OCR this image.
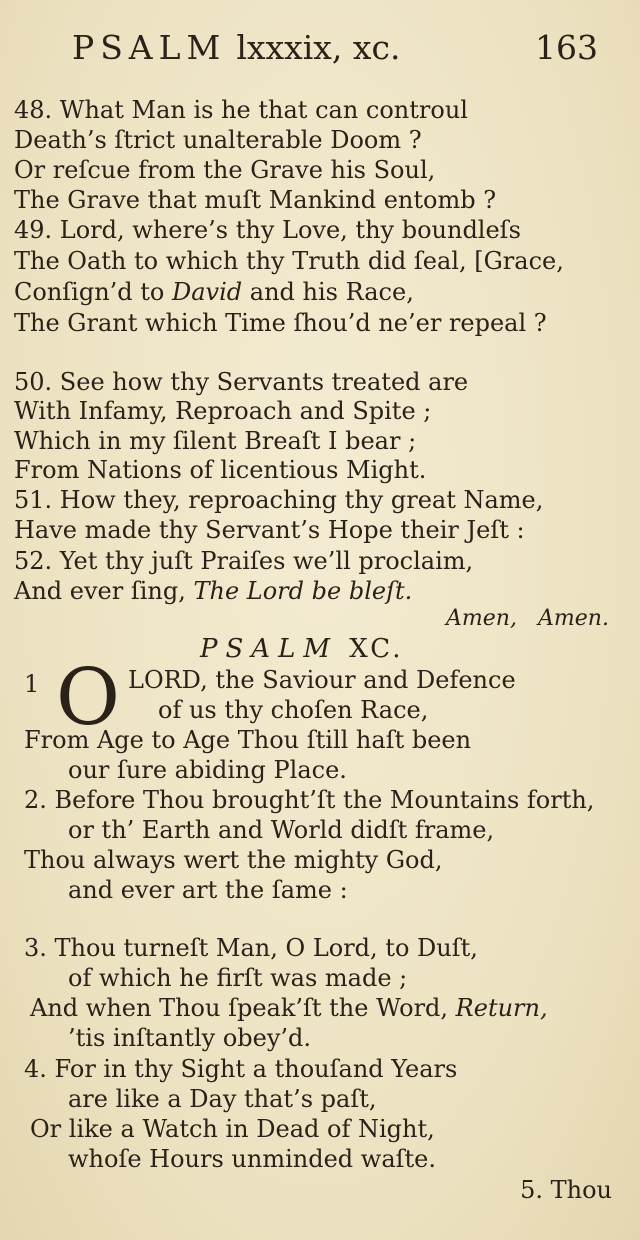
PSALM lxxxix, xc.	163
48. What Man is he that can controul
Death’s ſtrict unalterable Doom ?
Or reſcue from the Grave his Soul,
The Grave that muſt Mankind entomb ?
49. Lord, where’s thy Love, thy boundleſs
The Oath to which thy Truth did ſeal, [Grace,
Conſign’d to David and his Race,
The Grant which Time ſhou’d ne’er repeal ?
50. See how thy Servants treated are
With Infamy, Reproach and Spite ;
Which in my ſilent Breaſt I bear ;
From Nations of licentious Might.
51. How they, reproaching thy great Name,
Have made thy Servant’s Hope their Jeſt :
52. Yet thy juſt Praiſes we’ll proclaim,
And ever ſing, The Lord be bleſt.
Amen, Amen.
PSALM XC.
1 O LORD, the Saviour and Defence
of us thy choſen Race,
From Age to Age Thou ſtill haſt been
our ſure abiding Place.
2. Before Thou brought’ſt the Mountains forth,
or th’ Earth and World didſt frame,
Thou always wert the mighty God,
and ever art the ſame :
3. Thou turneſt Man, O Lord, to Duſt,
of which he firſt was made ;
And when Thou ſpeak’ſt the Word, Return,
’tis inſtantly obey’d.
4. For in thy Sight a thouſand Years
are like a Day that’s paſt,
Or like a Watch in Dead of Night,
whoſe Hours unminded waſte.
5. Thou
